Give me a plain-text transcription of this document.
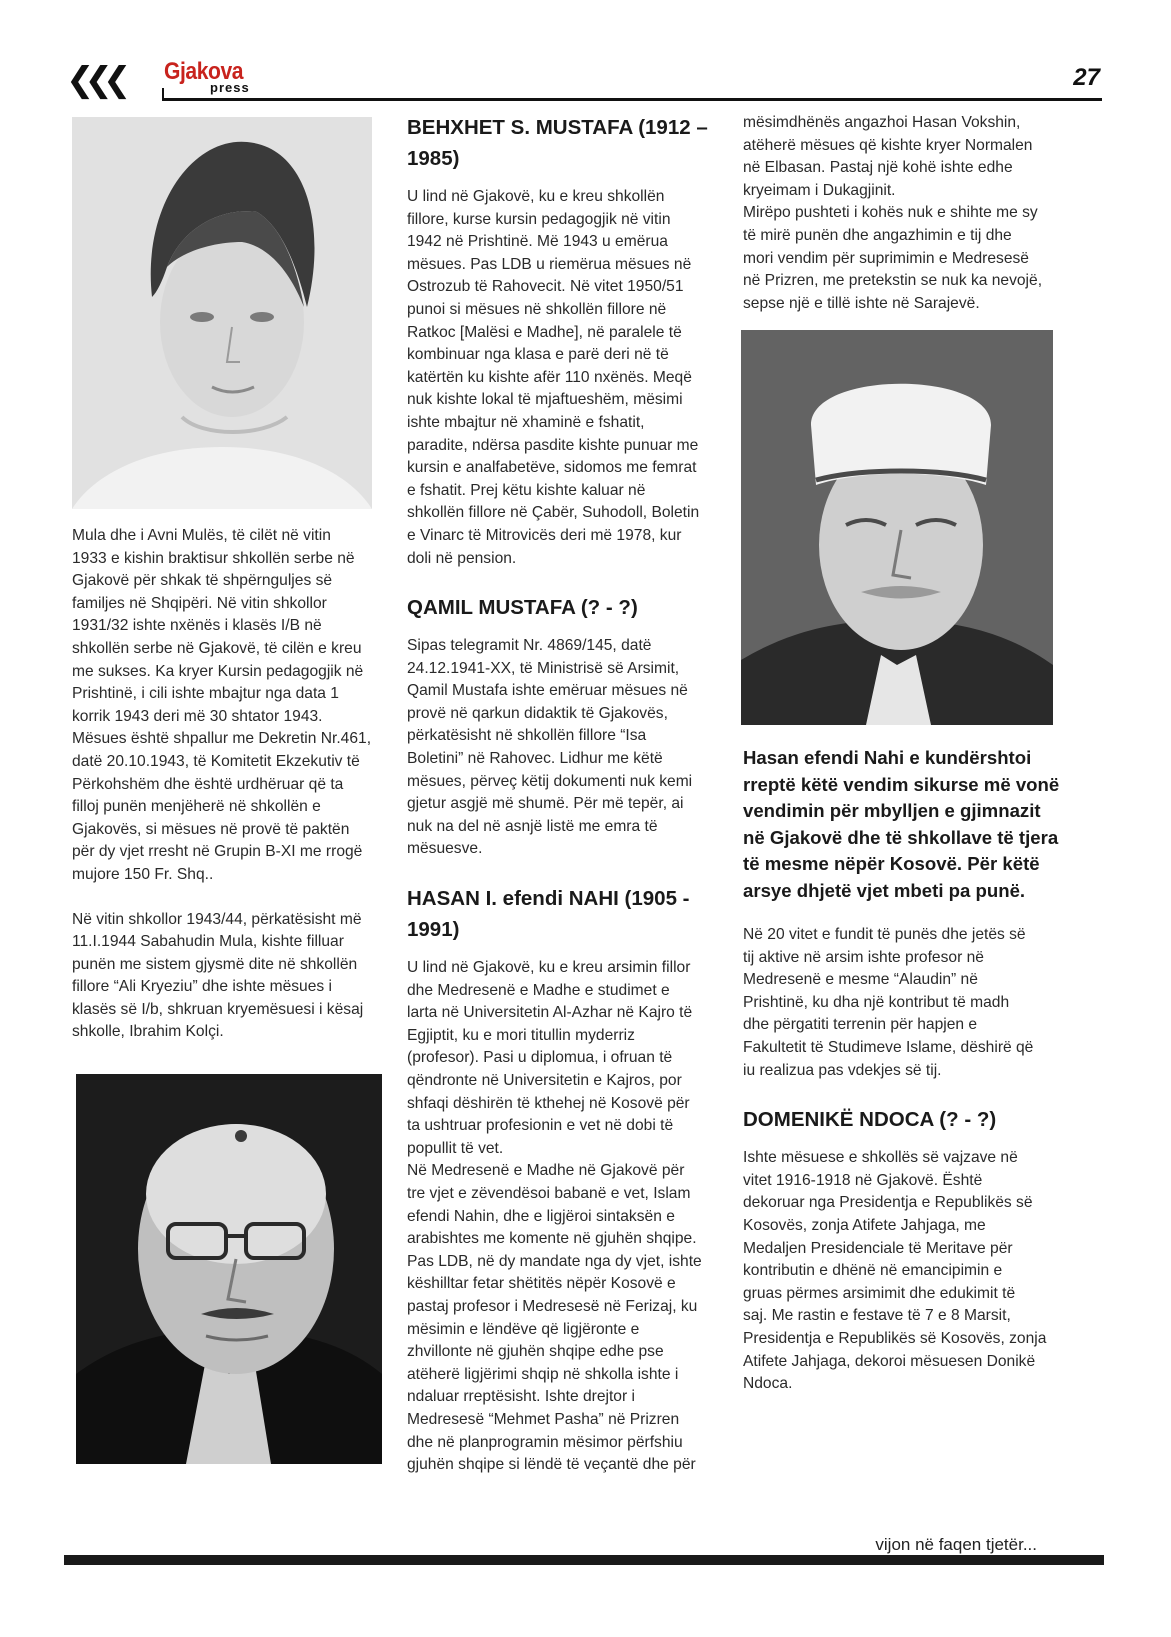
❮❮❮ Gjakova
press	27

Mula dhe i Avni Mulës, të cilët në vitin
1933 e kishin braktisur shkollën serbe në
Gjakovë për shkak të shpërnguljes së
familjes në Shqipëri. Në vitin shkollor
1931/32 ishte nxënës i klasës I/B në
shkollën serbe në Gjakovë, të cilën e kreu
me sukses. Ka kryer Kursin pedagogjik në
Prishtinë, i cili ishte mbajtur nga data 1
korrik 1943 deri më 30 shtator 1943.
Mësues është shpallur me Dekretin Nr.461,
datë 20.10.1943, të Komitetit Ekzekutiv të
Përkohshëm dhe është urdhëruar që ta
filloj punën menjëherë në shkollën e
Gjakovës, si mësues në provë të paktën
për dy vjet rresht në Grupin B-XI me rrogë
mujore 150 Fr. Shq..

Në vitin shkollor 1943/44, përkatësisht më
11.I.1944 Sabahudin Mula, kishte filluar
punën me sistem gjysmë dite në shkollën
fillore “Ali Kryeziu” dhe ishte mësues i
klasës së I/b, shkruan kryemësuesi i kësaj
shkolle, Ibrahim Kolçi.

BEHXHET S. MUSTAFA (1912 –
1985)

U lind në Gjakovë, ku e kreu shkollën
fillore, kurse kursin pedagogjik në vitin
1942 në Prishtinë. Më 1943 u emërua
mësues. Pas LDB u riemërua mësues në
Ostrozub të Rahovecit. Në vitet 1950/51
punoi si mësues në shkollën fillore në
Ratkoc [Malësi e Madhe], në paralele të
kombinuar nga klasa e parë deri në të
katërtën ku kishte afër 110 nxënës. Meqë
nuk kishte lokal të mjaftueshëm, mësimi
ishte mbajtur në xhaminë e fshatit,
paradite, ndërsa pasdite kishte punuar me
kursin e analfabetëve, sidomos me femrat
e fshatit. Prej këtu kishte kaluar në
shkollën fillore në Çabër, Suhodoll, Boletin
e Vinarc të Mitrovicës deri më 1978, kur
doli në pension.

QAMIL MUSTAFA (? - ?)

Sipas telegramit Nr. 4869/145, datë
24.12.1941-XX, të Ministrisë së Arsimit,
Qamil Mustafa ishte emëruar mësues në
provë në qarkun didaktik të Gjakovës,
përkatësisht në shkollën fillore “Isa
Boletini” në Rahovec. Lidhur me këtë
mësues, përveç këtij dokumenti nuk kemi
gjetur asgjë më shumë. Për më tepër, ai
nuk na del në asnjë listë me emra të
mësuesve.

HASAN I. efendi NAHI (1905 -
1991)

U lind në Gjakovë, ku e kreu arsimin fillor
dhe Medresenë e Madhe e studimet e
larta në Universitetin Al-Azhar në Kajro të
Egjiptit, ku e mori titullin myderriz
(profesor). Pasi u diplomua, i ofruan të
qëndronte në Universitetin e Kajros, por
shfaqi dëshirën të kthehej në Kosovë për
ta ushtruar profesionin e vet në dobi të
popullit të vet.
Në Medresenë e Madhe në Gjakovë për
tre vjet e zëvendësoi babanë e vet, Islam
efendi Nahin, dhe e ligjëroi sintaksën e
arabishtes me komente në gjuhën shqipe.
Pas LDB, në dy mandate nga dy vjet, ishte
këshilltar fetar shëtitës nëpër Kosovë e
pastaj profesor i Medresesë në Ferizaj, ku
mësimin e lëndëve që ligjëronte e
zhvillonte në gjuhën shqipe edhe pse
atëherë ligjërimi shqip në shkolla ishte i
ndaluar rreptësisht. Ishte drejtor i
Medresesë “Mehmet Pasha” në Prizren
dhe në planprogramin mësimor përfshiu
gjuhën shqipe si lëndë të veçantë dhe për

mësimdhënës angazhoi Hasan Vokshin,
atëherë mësues që kishte kryer Normalen
në Elbasan. Pastaj një kohë ishte edhe
kryeimam i Dukagjinit.
Mirëpo pushteti i kohës nuk e shihte me sy
të mirë punën dhe angazhimin e tij dhe
mori vendim për suprimimin e Medresesë
në Prizren, me pretekstin se nuk ka nevojë,
sepse një e tillë ishte në Sarajevë.

Hasan efendi Nahi e kundërshtoi
rreptë këtë vendim sikurse më vonë
vendimin për mbylljen e gjimnazit
në Gjakovë dhe të shkollave të tjera
të mesme nëpër Kosovë. Për këtë
arsye dhjetë vjet mbeti pa punë.

Në 20 vitet e fundit të punës dhe jetës së
tij aktive në arsim ishte profesor në
Medresenë e mesme “Alaudin” në
Prishtinë, ku dha një kontribut të madh
dhe përgatiti terrenin për hapjen e
Fakultetit të Studimeve Islame, dëshirë që
iu realizua pas vdekjes së tij.

DOMENIKË NDOCA (? - ?)

Ishte mësuese e shkollës së vajzave në
vitet 1916-1918 në Gjakovë. Është
dekoruar nga Presidentja e Republikës së
Kosovës, zonja Atifete Jahjaga, me
Medaljen Presidenciale të Meritave për
kontributin e dhënë në emancipimin e
gruas përmes arsimimit dhe edukimit të
saj. Me rastin e festave të 7 e 8 Marsit,
Presidentja e Republikës së Kosovës, zonja
Atifete Jahjaga, dekoroi mësuesen Donikë
Ndoca.

vijon në faqen tjetër...
